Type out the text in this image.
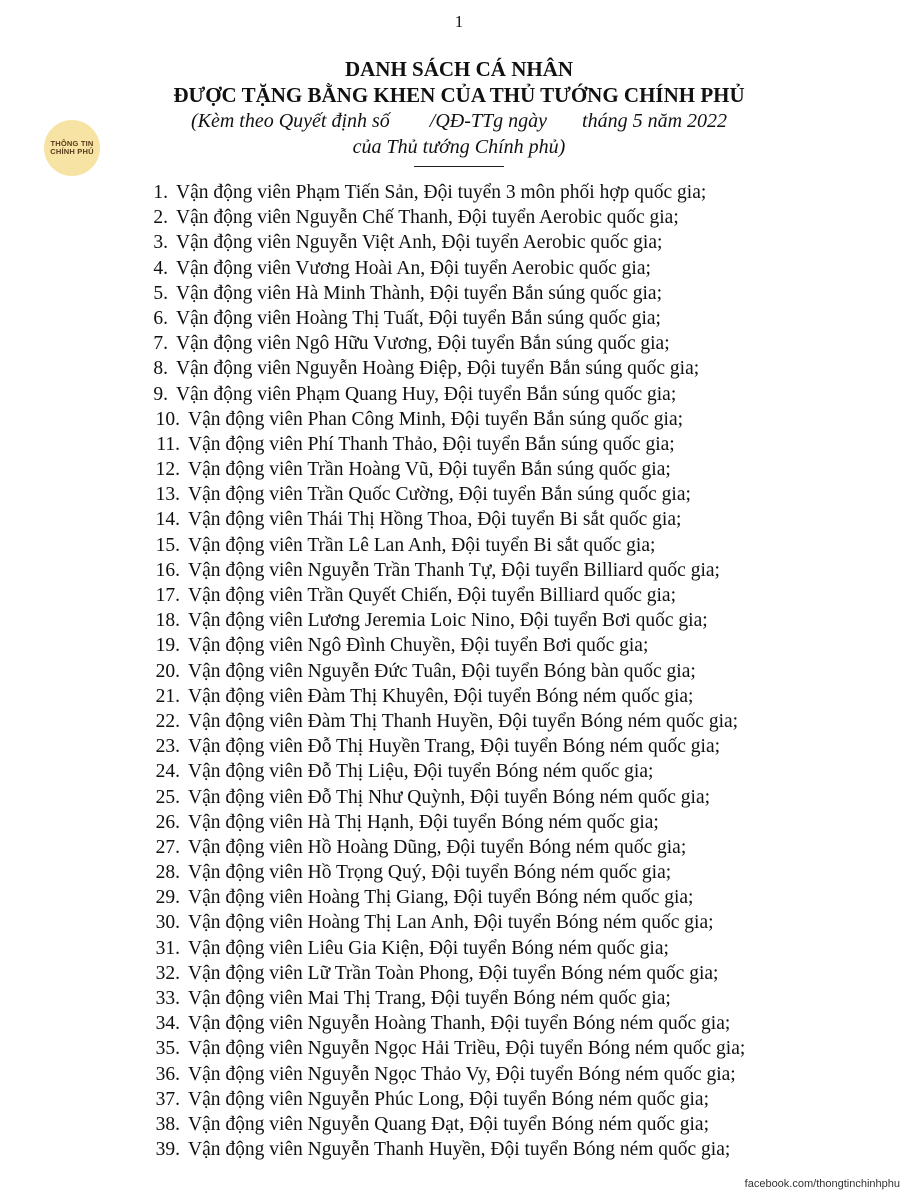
1
THÔNG TIN
CHÍNH PHỦ
DANH SÁCH CÁ NHÂN
ĐƯỢC TẶNG BẰNG KHEN CỦA THỦ TƯỚNG CHÍNH PHỦ
(Kèm theo Quyết định số        /QĐ-TTg ngày       tháng 5 năm 2022
của Thủ tướng Chính phủ)
1. Vận động viên Phạm Tiến Sản, Đội tuyển 3 môn phối hợp quốc gia;
2. Vận động viên Nguyễn Chế Thanh, Đội tuyển Aerobic quốc gia;
3. Vận động viên Nguyễn Việt Anh, Đội tuyển Aerobic quốc gia;
4. Vận động viên Vương Hoài An, Đội tuyển Aerobic quốc gia;
5. Vận động viên Hà Minh Thành, Đội tuyển Bắn súng quốc gia;
6. Vận động viên Hoàng Thị Tuất, Đội tuyển Bắn súng quốc gia;
7. Vận động viên Ngô Hữu Vương, Đội tuyển Bắn súng quốc gia;
8. Vận động viên Nguyễn Hoàng Điệp, Đội tuyển Bắn súng quốc gia;
9. Vận động viên Phạm Quang Huy, Đội tuyển Bắn súng quốc gia;
10. Vận động viên Phan Công Minh, Đội tuyển Bắn súng quốc gia;
11. Vận động viên Phí Thanh Thảo, Đội tuyển Bắn súng quốc gia;
12. Vận động viên Trần Hoàng Vũ, Đội tuyển Bắn súng quốc gia;
13. Vận động viên Trần Quốc Cường, Đội tuyển Bắn súng quốc gia;
14. Vận động viên Thái Thị Hồng Thoa, Đội tuyển Bi sắt quốc gia;
15. Vận động viên Trần Lê Lan Anh, Đội tuyển Bi sắt quốc gia;
16. Vận động viên Nguyễn Trần Thanh Tự, Đội tuyển Billiard quốc gia;
17. Vận động viên Trần Quyết Chiến, Đội tuyển Billiard quốc gia;
18. Vận động viên Lương Jeremia Loic Nino, Đội tuyển Bơi quốc gia;
19. Vận động viên Ngô Đình Chuyền, Đội tuyển Bơi quốc gia;
20. Vận động viên Nguyễn Đức Tuân, Đội tuyển Bóng bàn quốc gia;
21. Vận động viên Đàm Thị Khuyên, Đội tuyển Bóng ném quốc gia;
22. Vận động viên Đàm Thị Thanh Huyền, Đội tuyển Bóng ném quốc gia;
23. Vận động viên Đỗ Thị Huyền Trang, Đội tuyển Bóng ném quốc gia;
24. Vận động viên Đỗ Thị Liệu, Đội tuyển Bóng ném quốc gia;
25. Vận động viên Đỗ Thị Như Quỳnh, Đội tuyển Bóng ném quốc gia;
26. Vận động viên Hà Thị Hạnh, Đội tuyển Bóng ném quốc gia;
27. Vận động viên Hồ Hoàng Dũng, Đội tuyển Bóng ném quốc gia;
28. Vận động viên Hồ Trọng Quý, Đội tuyển Bóng ném quốc gia;
29. Vận động viên Hoàng Thị Giang, Đội tuyển Bóng ném quốc gia;
30. Vận động viên Hoàng Thị Lan Anh, Đội tuyển Bóng ném quốc gia;
31. Vận động viên Liêu Gia Kiện, Đội tuyển Bóng ném quốc gia;
32. Vận động viên Lữ Trần Toàn Phong, Đội tuyển Bóng ném quốc gia;
33. Vận động viên Mai Thị Trang, Đội tuyển Bóng ném quốc gia;
34. Vận động viên Nguyễn Hoàng Thanh, Đội tuyển Bóng ném quốc gia;
35. Vận động viên Nguyễn Ngọc Hải Triều, Đội tuyển Bóng ném quốc gia;
36. Vận động viên Nguyễn Ngọc Thảo Vy, Đội tuyển Bóng ném quốc gia;
37. Vận động viên Nguyễn Phúc Long, Đội tuyển Bóng ném quốc gia;
38. Vận động viên Nguyễn Quang Đạt, Đội tuyển Bóng ném quốc gia;
39. Vận động viên Nguyễn Thanh Huyền, Đội tuyển Bóng ném quốc gia;
facebook.com/thongtinchinhphu
